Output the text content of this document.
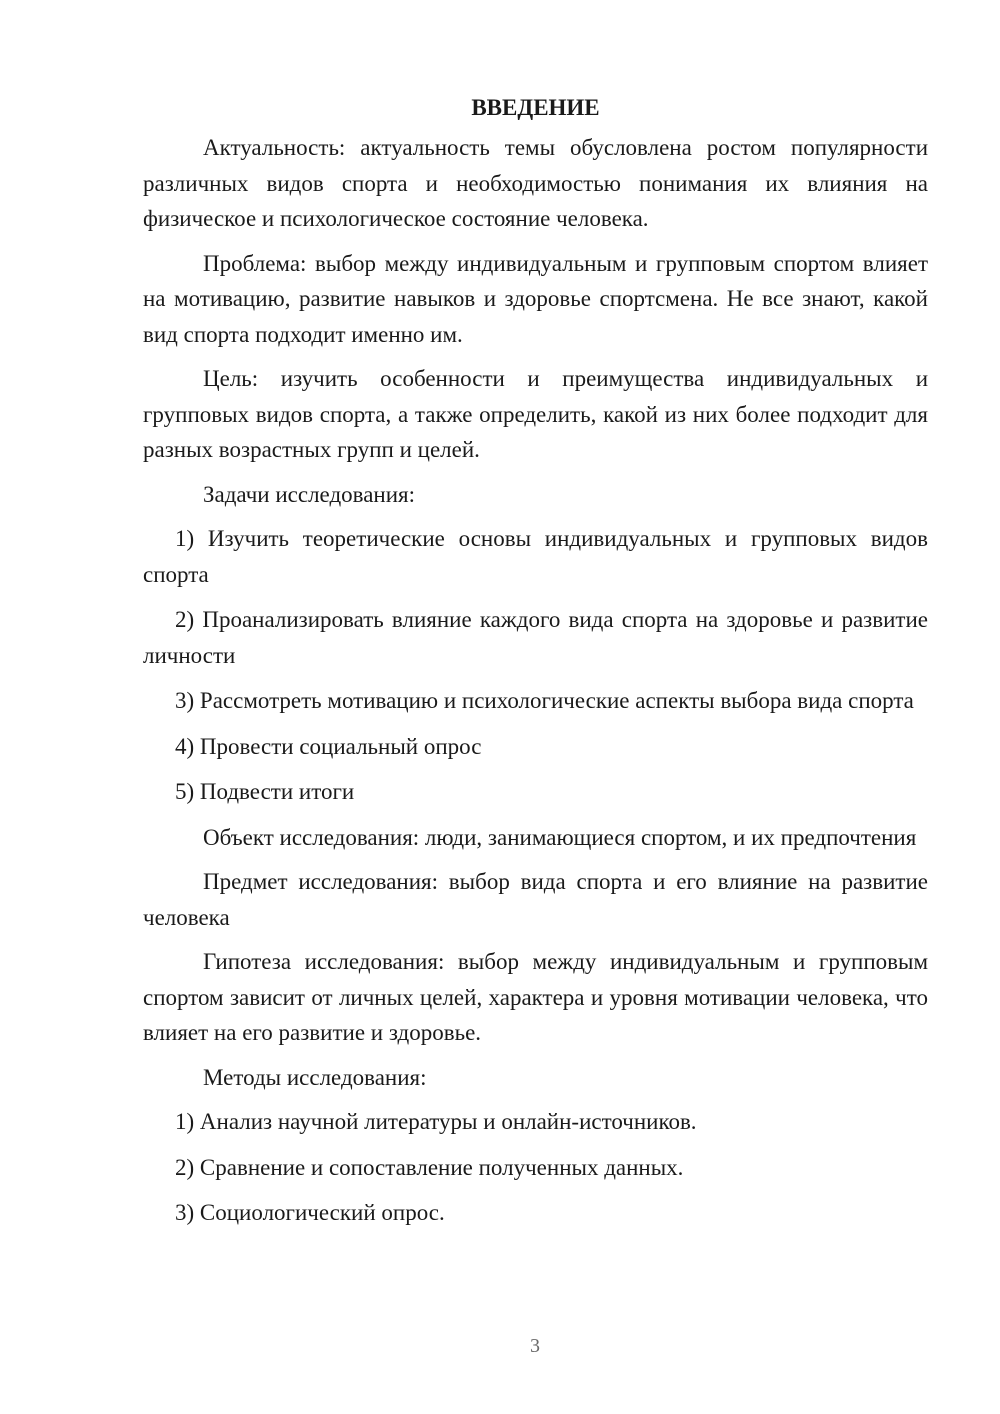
ВВЕДЕНИЕ

Актуальность: актуальность темы обусловлена ростом популярности различных видов спорта и необходимостью понимания их влияния на физическое и психологическое состояние человека.

Проблема: выбор между индивидуальным и групповым спортом влияет на мотивацию, развитие навыков и здоровье спортсмена. Не все знают, какой вид спорта подходит именно им.

Цель: изучить особенности и преимущества индивидуальных и групповых видов спорта, а также определить, какой из них более подходит для разных возрастных групп и целей.

Задачи исследования:

1) Изучить теоретические основы индивидуальных и групповых видов спорта

2) Проанализировать влияние каждого вида спорта на здоровье и развитие личности

3) Рассмотреть мотивацию и психологические аспекты выбора вида спорта

4) Провести социальный опрос

5) Подвести итоги

Объект исследования: люди, занимающиеся спортом, и их предпочтения

Предмет исследования: выбор вида спорта и его влияние на развитие человека

Гипотеза исследования: выбор между индивидуальным и групповым спортом зависит от личных целей, характера и уровня мотивации человека, что влияет на его развитие и здоровье.

Методы исследования:

1) Анализ научной литературы и онлайн-источников.

2) Сравнение и сопоставление полученных данных.

3) Социологический опрос.

3
